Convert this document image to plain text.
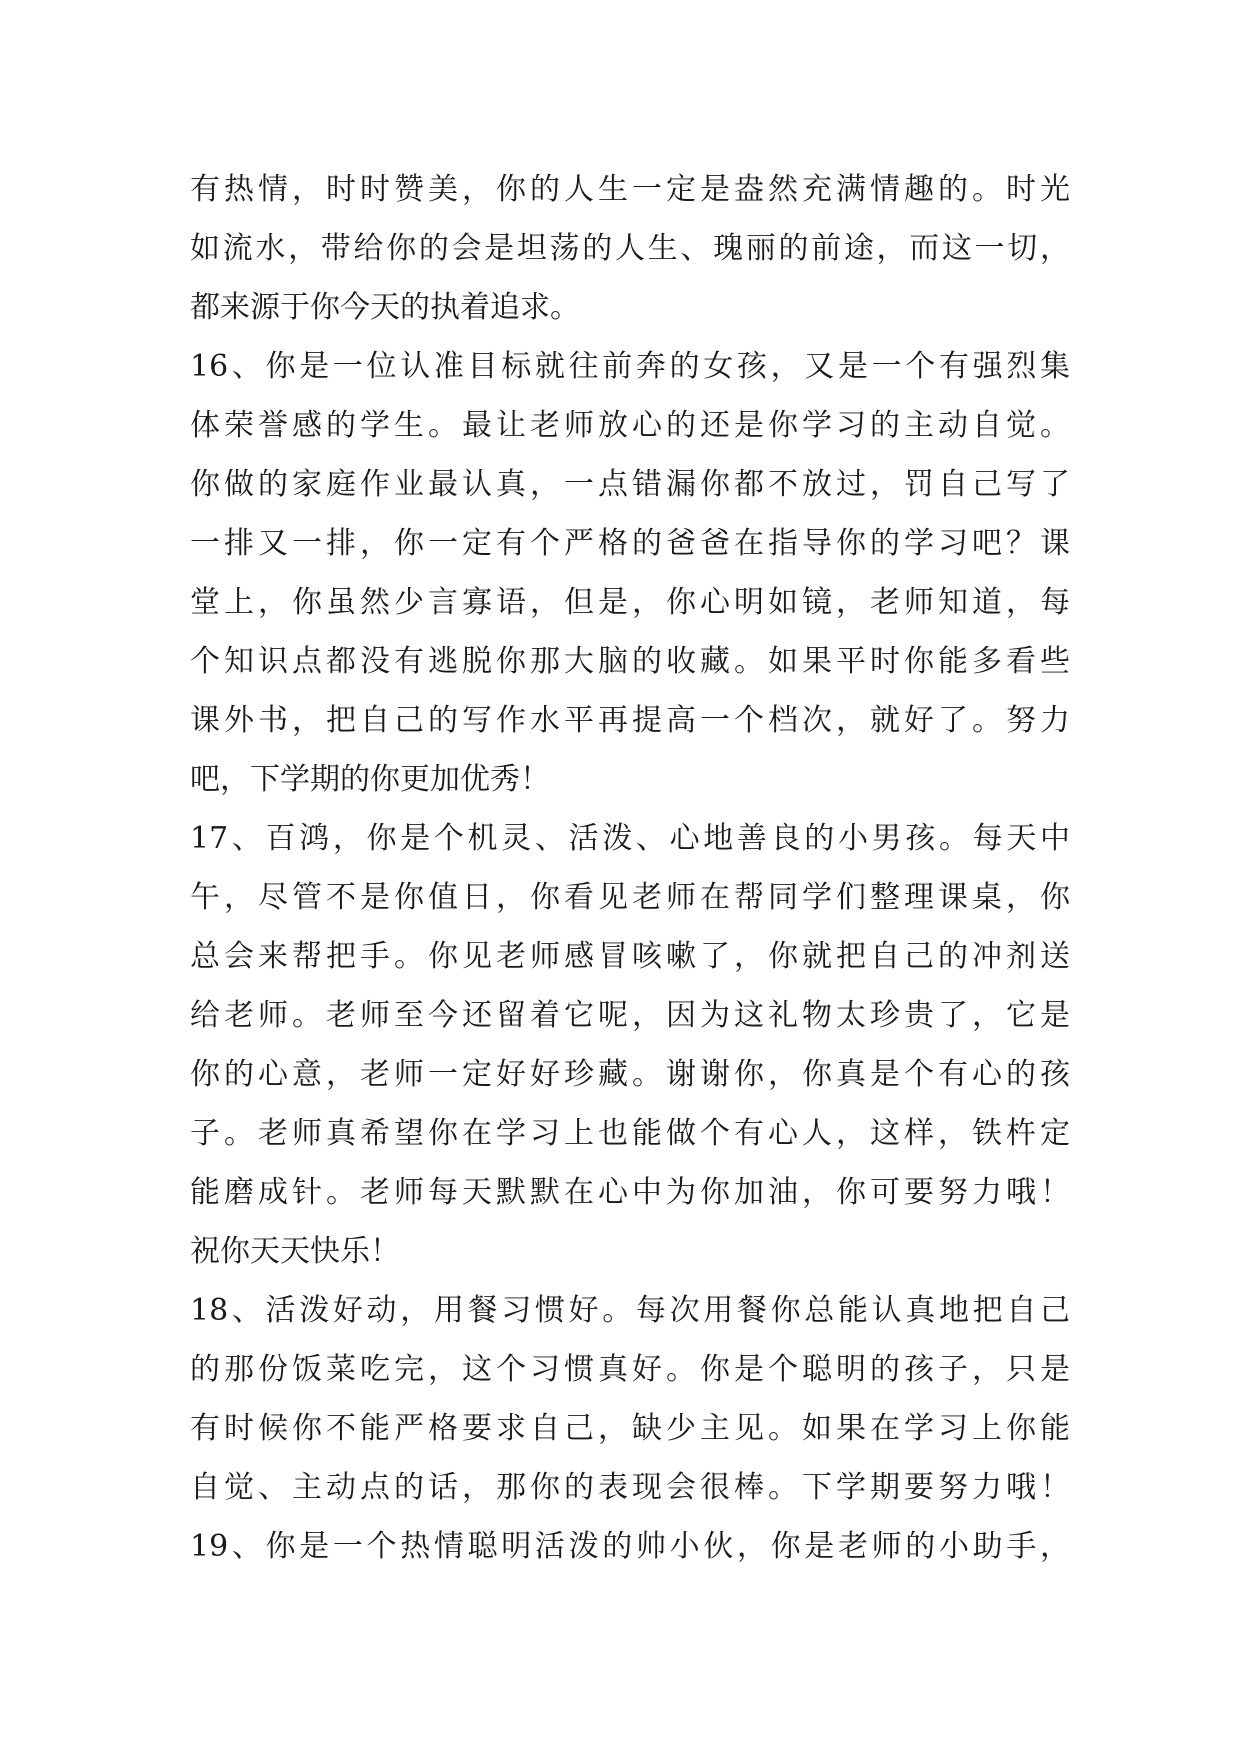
有热情，时时赞美，你的人生一定是盎然充满情趣的。时光
如流水，带给你的会是坦荡的人生、瑰丽的前途，而这一切，
都来源于你今天的执着追求。
16、你是一位认准目标就往前奔的女孩，又是一个有强烈集
体荣誉感的学生。最让老师放心的还是你学习的主动自觉。
你做的家庭作业最认真，一点错漏你都不放过，罚自己写了
一排又一排，你一定有个严格的爸爸在指导你的学习吧？课
堂上，你虽然少言寡语，但是，你心明如镜，老师知道，每
个知识点都没有逃脱你那大脑的收藏。如果平时你能多看些
课外书，把自己的写作水平再提高一个档次，就好了。努力
吧，下学期的你更加优秀！
17、百鸿，你是个机灵、活泼、心地善良的小男孩。每天中
午，尽管不是你值日，你看见老师在帮同学们整理课桌，你
总会来帮把手。你见老师感冒咳嗽了，你就把自己的冲剂送
给老师。老师至今还留着它呢，因为这礼物太珍贵了，它是
你的心意，老师一定好好珍藏。谢谢你，你真是个有心的孩
子。老师真希望你在学习上也能做个有心人，这样，铁杵定
能磨成针。老师每天默默在心中为你加油，你可要努力哦！
祝你天天快乐！
18、活泼好动，用餐习惯好。每次用餐你总能认真地把自己
的那份饭菜吃完，这个习惯真好。你是个聪明的孩子，只是
有时候你不能严格要求自己，缺少主见。如果在学习上你能
自觉、主动点的话，那你的表现会很棒。下学期要努力哦！
19、你是一个热情聪明活泼的帅小伙，你是老师的小助手，
